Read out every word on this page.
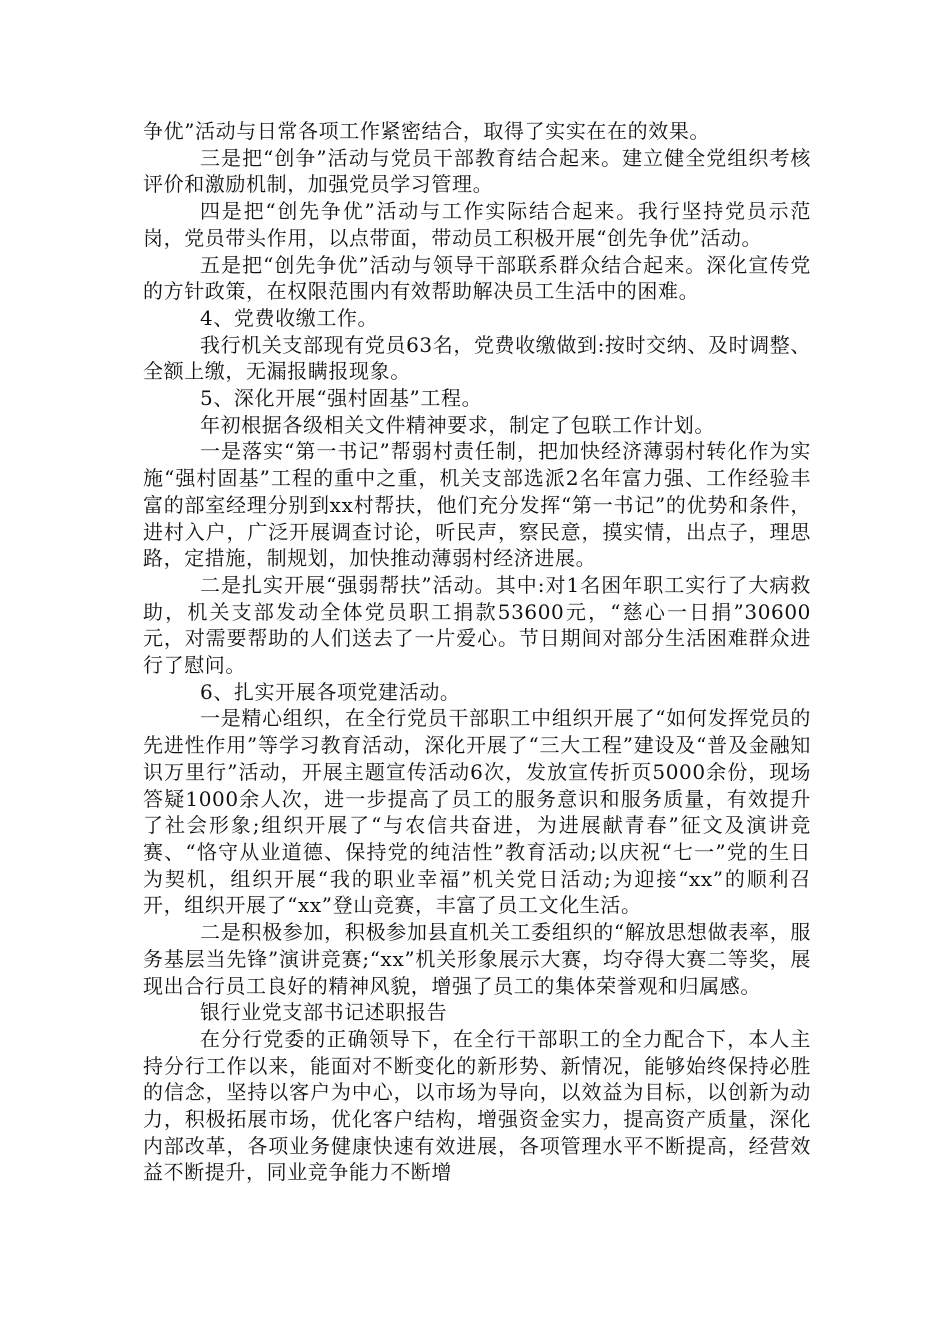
争优”活动与日常各项工作紧密结合，取得了实实在在的效果。

三是把“创争”活动与党员干部教育结合起来。建立健全党组织考核评价和激励机制，加强党员学习管理。

四是把“创先争优”活动与工作实际结合起来。我行坚持党员示范岗，党员带头作用，以点带面，带动员工积极开展“创先争优”活动。

五是把“创先争优”活动与领导干部联系群众结合起来。深化宣传党的方针政策，在权限范围内有效帮助解决员工生活中的困难。

4、党费收缴工作。

我行机关支部现有党员63名，党费收缴做到:按时交纳、及时调整、全额上缴，无漏报瞒报现象。

5、深化开展“强村固基”工程。

年初根据各级相关文件精神要求，制定了包联工作计划。

一是落实“第一书记”帮弱村责任制，把加快经济薄弱村转化作为实施“强村固基”工程的重中之重，机关支部选派2名年富力强、工作经验丰富的部室经理分别到xx村帮扶，他们充分发挥“第一书记”的优势和条件，进村入户，广泛开展调查讨论，听民声，察民意，摸实情，出点子，理思路，定措施，制规划，加快推动薄弱村经济进展。

二是扎实开展“强弱帮扶”活动。其中:对1名困年职工实行了大病救助，机关支部发动全体党员职工捐款53600元，“慈心一日捐”30600元，对需要帮助的人们送去了一片爱心。节日期间对部分生活困难群众进行了慰问。

6、扎实开展各项党建活动。

一是精心组织，在全行党员干部职工中组织开展了“如何发挥党员的先进性作用”等学习教育活动，深化开展了“三大工程”建设及“普及金融知识万里行”活动，开展主题宣传活动6次，发放宣传折页5000余份，现场答疑1000余人次，进一步提高了员工的服务意识和服务质量，有效提升了社会形象;组织开展了“与农信共奋进，为进展献青春”征文及演讲竞赛、“恪守从业道德、保持党的纯洁性”教育活动;以庆祝“七一”党的生日为契机，组织开展“我的职业幸福”机关党日活动;为迎接“xx”的顺利召开，组织开展了“xx”登山竞赛，丰富了员工文化生活。

二是积极参加，积极参加县直机关工委组织的“解放思想做表率，服务基层当先锋”演讲竞赛;“xx”机关形象展示大赛，均夺得大赛二等奖，展现出合行员工良好的精神风貌，增强了员工的集体荣誉观和归属感。

银行业党支部书记述职报告

在分行党委的正确领导下，在全行干部职工的全力配合下，本人主持分行工作以来，能面对不断变化的新形势、新情况，能够始终保持必胜的信念，坚持以客户为中心，以市场为导向，以效益为目标，以创新为动力，积极拓展市场，优化客户结构，增强资金实力，提高资产质量，深化内部改革，各项业务健康快速有效进展，各项管理水平不断提高，经营效益不断提升，同业竞争能力不断增
